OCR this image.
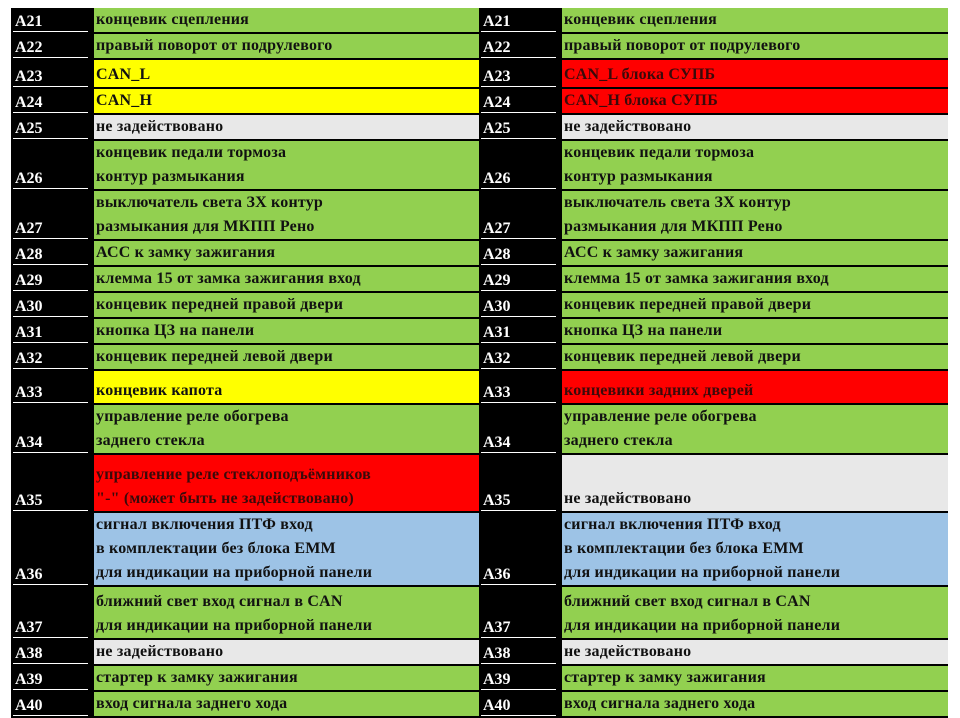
A21	концевик сцепления
A22	правый поворот от подрулевого
A23	CAN_L
A24	CAN_H
A25	не задействовано
A26
концевик педали тормоза
контур размыкания
A27
выключатель света ЗХ контур
размыкания для МКПП Рено
A28	АСС к замку зажигания
A29	клемма 15 от замка зажигания вход
A30	концевик передней правой двери
A31	кнопка ЦЗ на панели
A32	концевик передней левой двери
A33	концевик капота
A34
управление реле обогрева
заднего стекла
A35
управление реле стеклоподъёмников
"-" (может быть не задействовано)
A36
сигнал включения ПТФ вход
в комплектации без блока ЕММ
для индикации на приборной панели
A37
ближний свет вход сигнал в CAN
для индикации на приборной панели
A38	не задействовано
A39	стартер к замку зажигания
A40	вход сигнала заднего хода
A21	концевик сцепления
A22	правый поворот от подрулевого
A23	CAN_L блока СУПБ
A24	CAN_H блока СУПБ
A25	не задействовано
A26
концевик педали тормоза
контур размыкания
A27
выключатель света ЗХ контур
размыкания для МКПП Рено
A28	АСС к замку зажигания
A29	клемма 15 от замка зажигания вход
A30	концевик передней правой двери
A31	кнопка ЦЗ на панели
A32	концевик передней левой двери
A33	концевики задних дверей
A34
управление реле обогрева
заднего стекла
A35
	не задействовано
A36
сигнал включения ПТФ вход
в комплектации без блока ЕММ
для индикации на приборной панели
A37
ближний свет вход сигнал в CAN
для индикации на приборной панели
A38	не задействовано
A39	стартер к замку зажигания
A40	вход сигнала заднего хода
